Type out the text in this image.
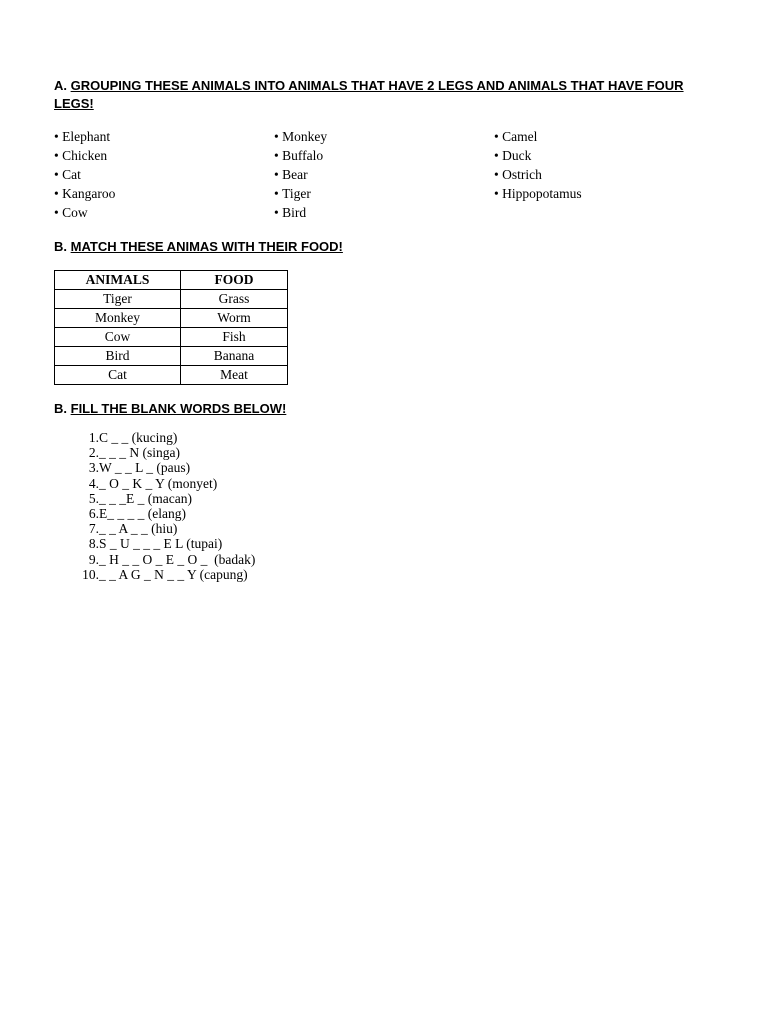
A. GROUPING THESE ANIMALS INTO ANIMALS THAT HAVE 2 LEGS AND ANIMALS THAT HAVE FOUR LEGS!
• Elephant
• Chicken
• Cat
• Kangaroo
• Cow
• Monkey
• Buffalo
• Bear
• Tiger
• Bird
• Camel
• Duck
• Ostrich
• Hippopotamus
B. MATCH THESE ANIMAS WITH THEIR FOOD!
ANIMALS	FOOD
Tiger	Grass
Monkey	Worm
Cow	Fish
Bird	Banana
Cat	Meat
B. FILL THE BLANK WORDS BELOW!
1.C _ _ (kucing)
2._ _ _ N (singa)
3.W _ _ L _ (paus)
4._ O _ K _ Y (monyet)
5._ _ _E _ (macan)
6.E_ _ _ _ (elang)
7._ _ A _ _ (hiu)
8.S _ U _ _ _ E L (tupai)
9._ H _ _ O _ E _ O _  (badak)
10._ _ A G _ N _ _ Y (capung)
